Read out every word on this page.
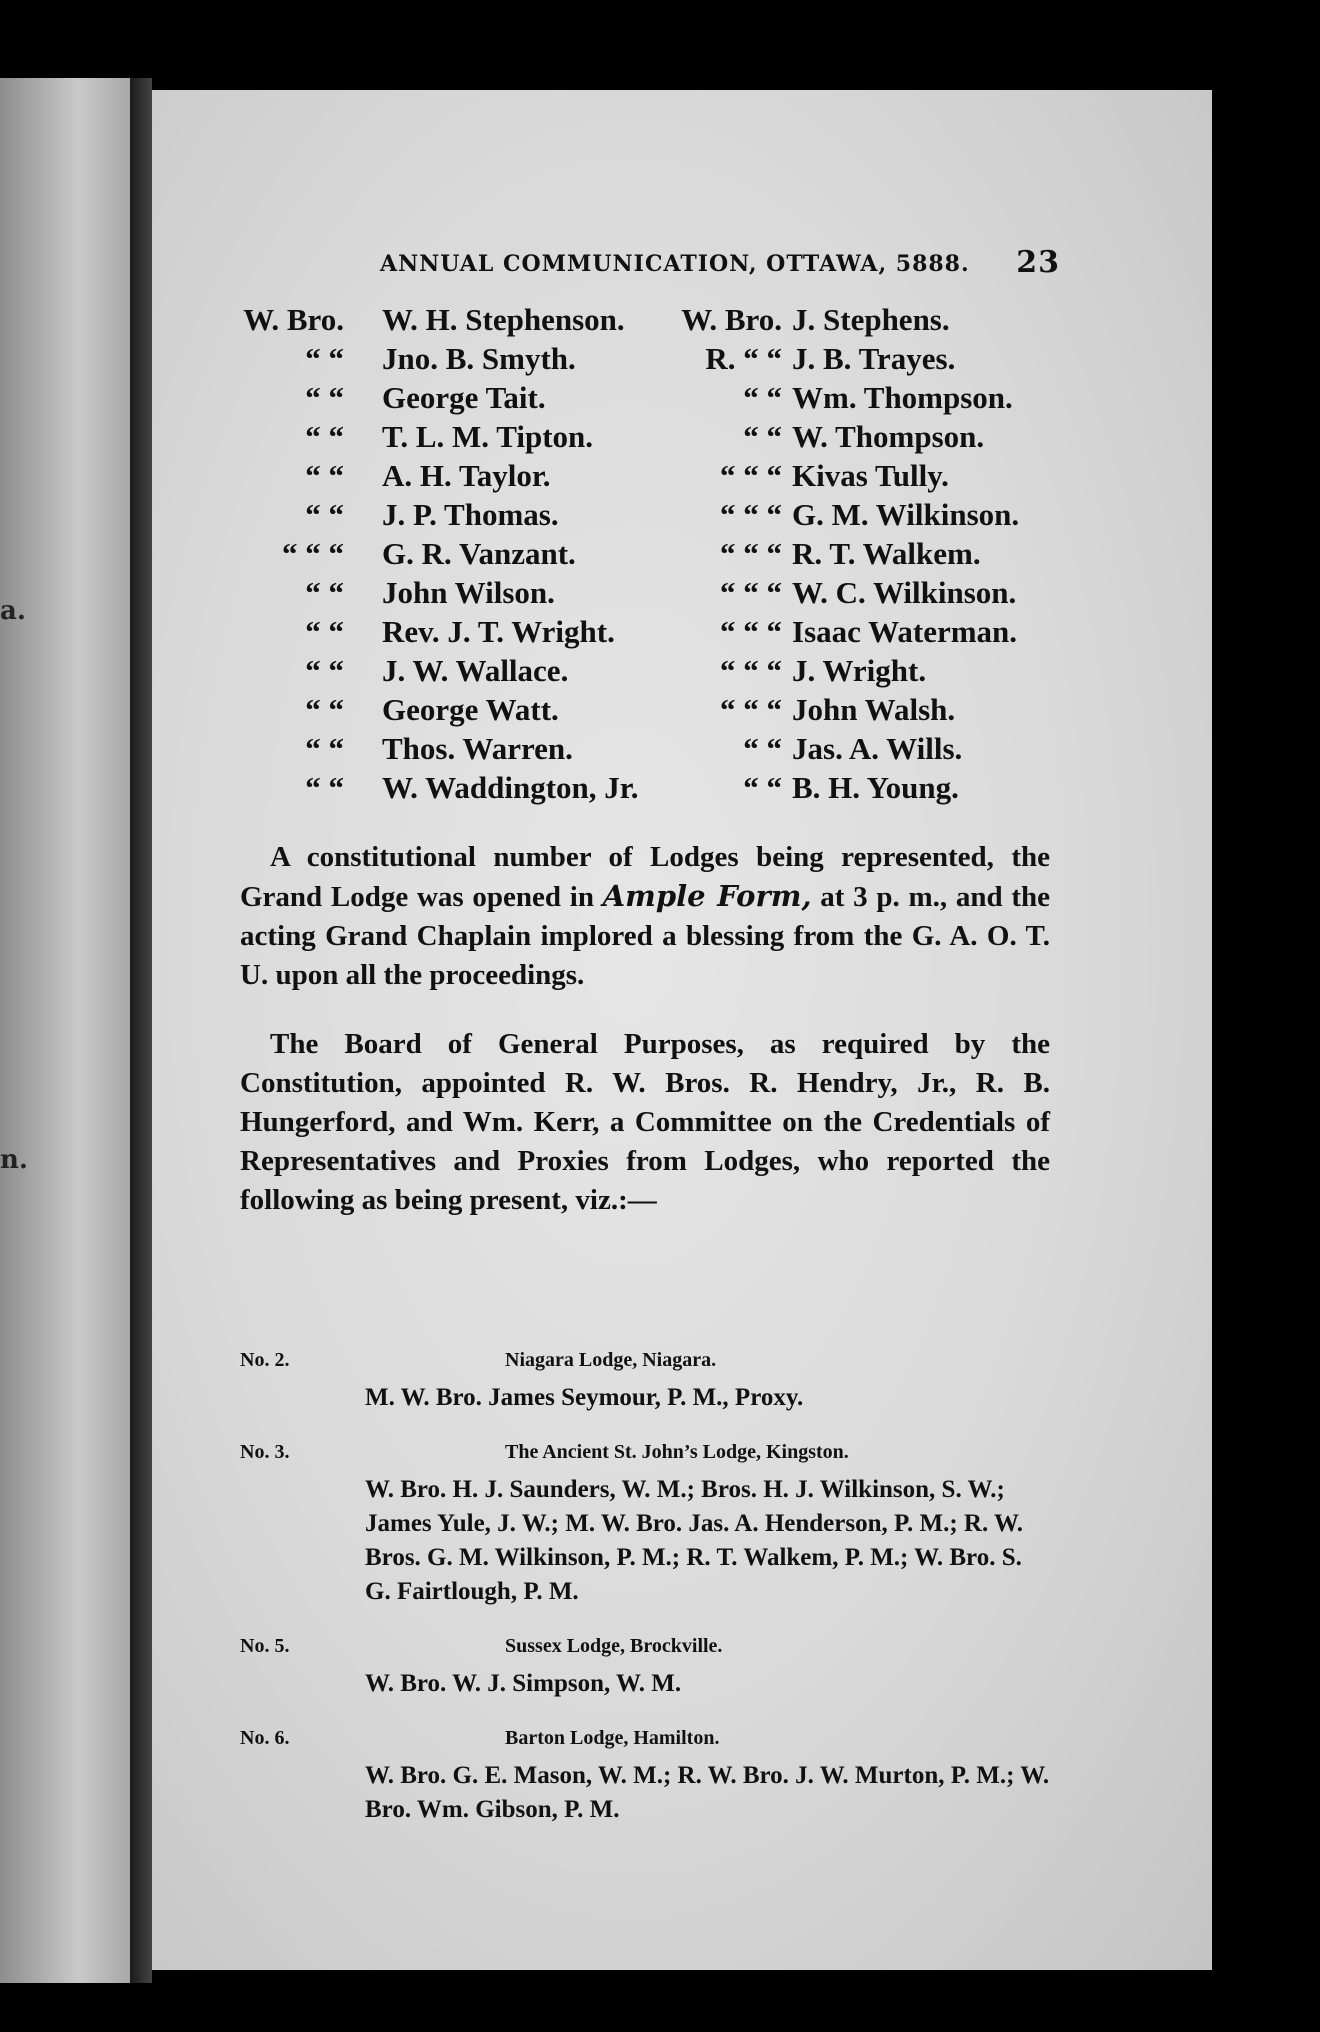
a.
n.
ANNUAL COMMUNICATION, OTTAWA, 5888. 23
W. Bro. W. H. Stephenson.	W. Bro. J. Stephens.
“ “ Jno. B. Smyth.	R. “ “ J. B. Trayes.
“ “ George Tait.	“ “ Wm. Thompson.
“ “ T. L. M. Tipton.	“ “ W. Thompson.
“ “ A. H. Taylor.	“ “ “ Kivas Tully.
“ “ J. P. Thomas.	“ “ “ G. M. Wilkinson.
“ “ “ G. R. Vanzant.	“ “ “ R. T. Walkem.
“ “ John Wilson.	“ “ “ W. C. Wilkinson.
“ “ Rev. J. T. Wright.	“ “ “ Isaac Waterman.
“ “ J. W. Wallace.	“ “ “ J. Wright.
“ “ George Watt.	“ “ “ John Walsh.
“ “ Thos. Warren.	“ “ Jas. A. Wills.
“ “ W. Waddington, Jr.	“ “ B. H. Young.

A constitutional number of Lodges being represented, the Grand Lodge was opened in Ample Form, at 3 p. m., and the acting Grand Chaplain implored a blessing from the G. A. O. T. U. upon all the proceedings.

The Board of General Purposes, as required by the Constitution, appointed R. W. Bros. R. Hendry, Jr., R. B. Hungerford, and Wm. Kerr, a Committee on the Credentials of Representatives and Proxies from Lodges, who reported the following as being present, viz.:—

No. 2.	Niagara Lodge, Niagara.
M. W. Bro. James Seymour, P. M., Proxy.
No. 3.	The Ancient St. John’s Lodge, Kingston.
W. Bro. H. J. Saunders, W. M.; Bros. H. J. Wilkinson, S. W.; James Yule, J. W.; M. W. Bro. Jas. A. Henderson, P. M.; R. W. Bros. G. M. Wilkinson, P. M.; R. T. Walkem, P. M.; W. Bro. S. G. Fairtlough, P. M.
No. 5.	Sussex Lodge, Brockville.
W. Bro. W. J. Simpson, W. M.
No. 6.	Barton Lodge, Hamilton.
W. Bro. G. E. Mason, W. M.; R. W. Bro. J. W. Murton, P. M.; W. Bro. Wm. Gibson, P. M.
